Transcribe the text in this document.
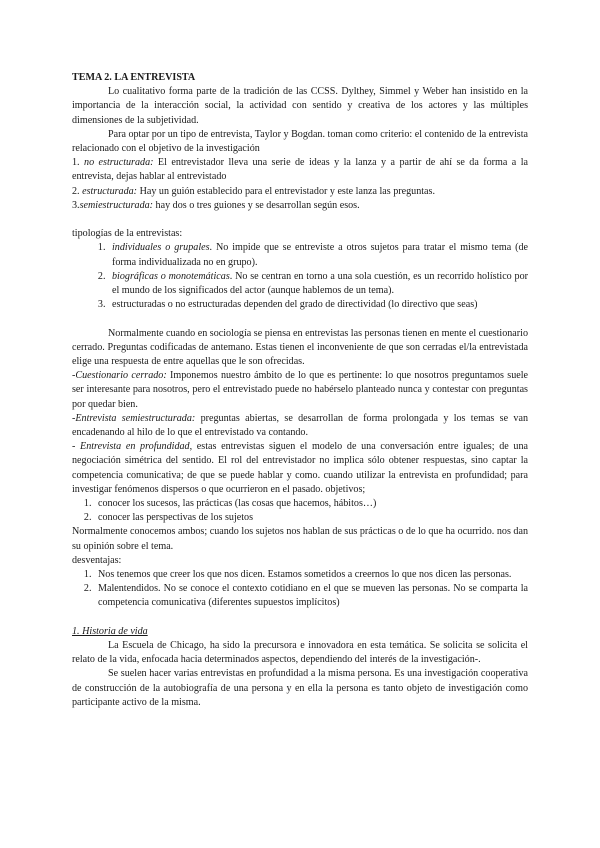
TEMA 2. LA ENTREVISTA

Lo cualitativo forma parte de la tradición de las CCSS. Dylthey, Simmel y Weber han insistido en la importancia de la interacción social, la actividad con sentido y creativa de los actores y las múltiples dimensiones de la subjetividad.

Para optar por un tipo de entrevista, Taylor y Bogdan. toman como criterio: el contenido de la entrevista relacionado con el objetivo de la investigación

1. no estructurada: El entrevistador lleva una serie de ideas y la lanza y a partir de ahí se da forma a la entrevista, dejas hablar al entrevistado

2. estructurada: Hay un guión establecido para el entrevistador y este lanza las preguntas.

3.semiestructurada: hay dos o tres guiones y se desarrollan según esos.

tipologías de la entrevistas:

1. individuales o grupales. No impide que se entreviste a otros sujetos para tratar el mismo tema (de forma individualizada no en grupo).
2. biográficas o monotemáticas. No se centran en torno a una sola cuestión, es un recorrido holístico por el mundo de los significados del actor (aunque hablemos de un tema).
3. estructuradas o no estructuradas dependen del grado de directividad (lo directivo que seas)

Normalmente cuando en sociología se piensa en entrevistas las personas tienen en mente el cuestionario cerrado. Preguntas codificadas de antemano. Estas tienen el inconveniente de que son cerradas el/la entrevistada elige una respuesta de entre aquellas que le son ofrecidas.

-Cuestionario cerrado: Imponemos nuestro ámbito de lo que es pertinente: lo que nosotros preguntamos suele ser interesante para nosotros, pero el entrevistado puede no habérselo planteado nunca y contestar con preguntas por quedar bien.

-Entrevista semiestructurada: preguntas abiertas, se desarrollan de forma prolongada y los temas se van encadenando al hilo de lo que el entrevistado va contando.

- Entrevista en profundidad, estas entrevistas siguen el modelo de una conversación entre iguales; de una negociación simétrica del sentido. El rol del entrevistador no implica sólo obtener respuestas, sino captar la competencia comunicativa; de que se puede hablar y como. cuando utilizar la entrevista en profundidad; para investigar fenómenos dispersos o que ocurrieron en el pasado. objetivos;

1. conocer los sucesos, las prácticas (las cosas que hacemos, hábitos…)
2. conocer las perspectivas de los sujetos

Normalmente conocemos ambos; cuando los sujetos nos hablan de sus prácticas o de lo que ha ocurrido. nos dan su opinión sobre el tema.

desventajas:

1. Nos tenemos que creer los que nos dicen. Estamos sometidos a creernos lo que nos dicen las personas.
2. Malentendidos. No se conoce el contexto cotidiano en el que se mueven las personas. No se comparta la competencia comunicativa (diferentes supuestos implícitos)

1. Historia de vida

La Escuela de Chicago, ha sido la precursora e innovadora en esta temática. Se solicita se solicita el relato de la vida, enfocada hacia determinados aspectos, dependiendo del interés de la investigación-.

Se suelen hacer varias entrevistas en profundidad a la misma persona. Es una investigación cooperativa de construcción de la autobiografía de una persona y en ella la persona es tanto objeto de investigación como participante activo de la misma.
